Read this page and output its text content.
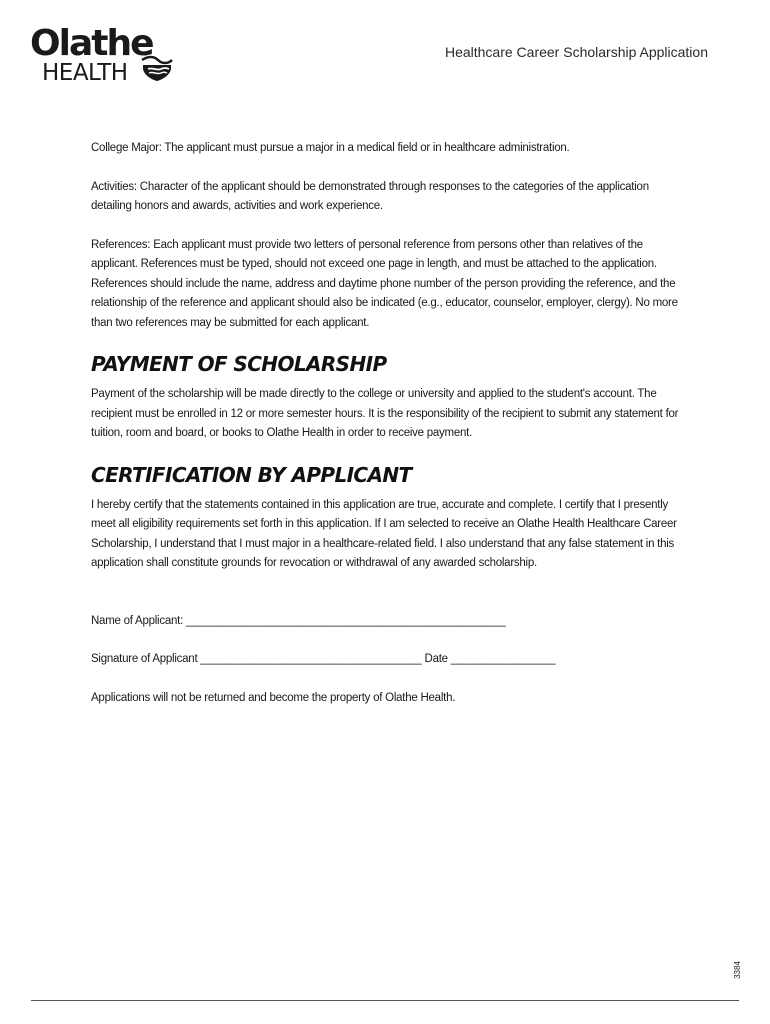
Olathe
HEALTH
Healthcare Career Scholarship Application

College Major: The applicant must pursue a major in a medical field or in healthcare administration.

Activities: Character of the applicant should be demonstrated through responses to the categories of the application detailing honors and awards, activities and work experience.

References: Each applicant must provide two letters of personal reference from persons other than relatives of the applicant. References must be typed, should not exceed one page in length, and must be attached to the application. References should include the name, address and daytime phone number of the person providing the reference, and the relationship of the reference and applicant should also be indicated (e.g., educator, counselor, employer, clergy). No more than two references may be submitted for each applicant.

PAYMENT OF SCHOLARSHIP

Payment of the scholarship will be made directly to the college or university and applied to the student's account. The recipient must be enrolled in 12 or more semester hours. It is the responsibility of the recipient to submit any statement for tuition, room and board, or books to Olathe Health in order to receive payment.

CERTIFICATION BY APPLICANT

I hereby certify that the statements contained in this application are true, accurate and complete. I certify that I presently meet all eligibility requirements set forth in this application. If I am selected to receive an Olathe Health Healthcare Career Scholarship, I understand that I must major in a healthcare-related field. I also understand that any false statement in this application shall constitute grounds for revocation or withdrawal of any awarded scholarship.

Name of Applicant: ____________________________________________________

Signature of Applicant ____________________________________ Date _________________

Applications will not be returned and become the property of Olathe Health.

3384
